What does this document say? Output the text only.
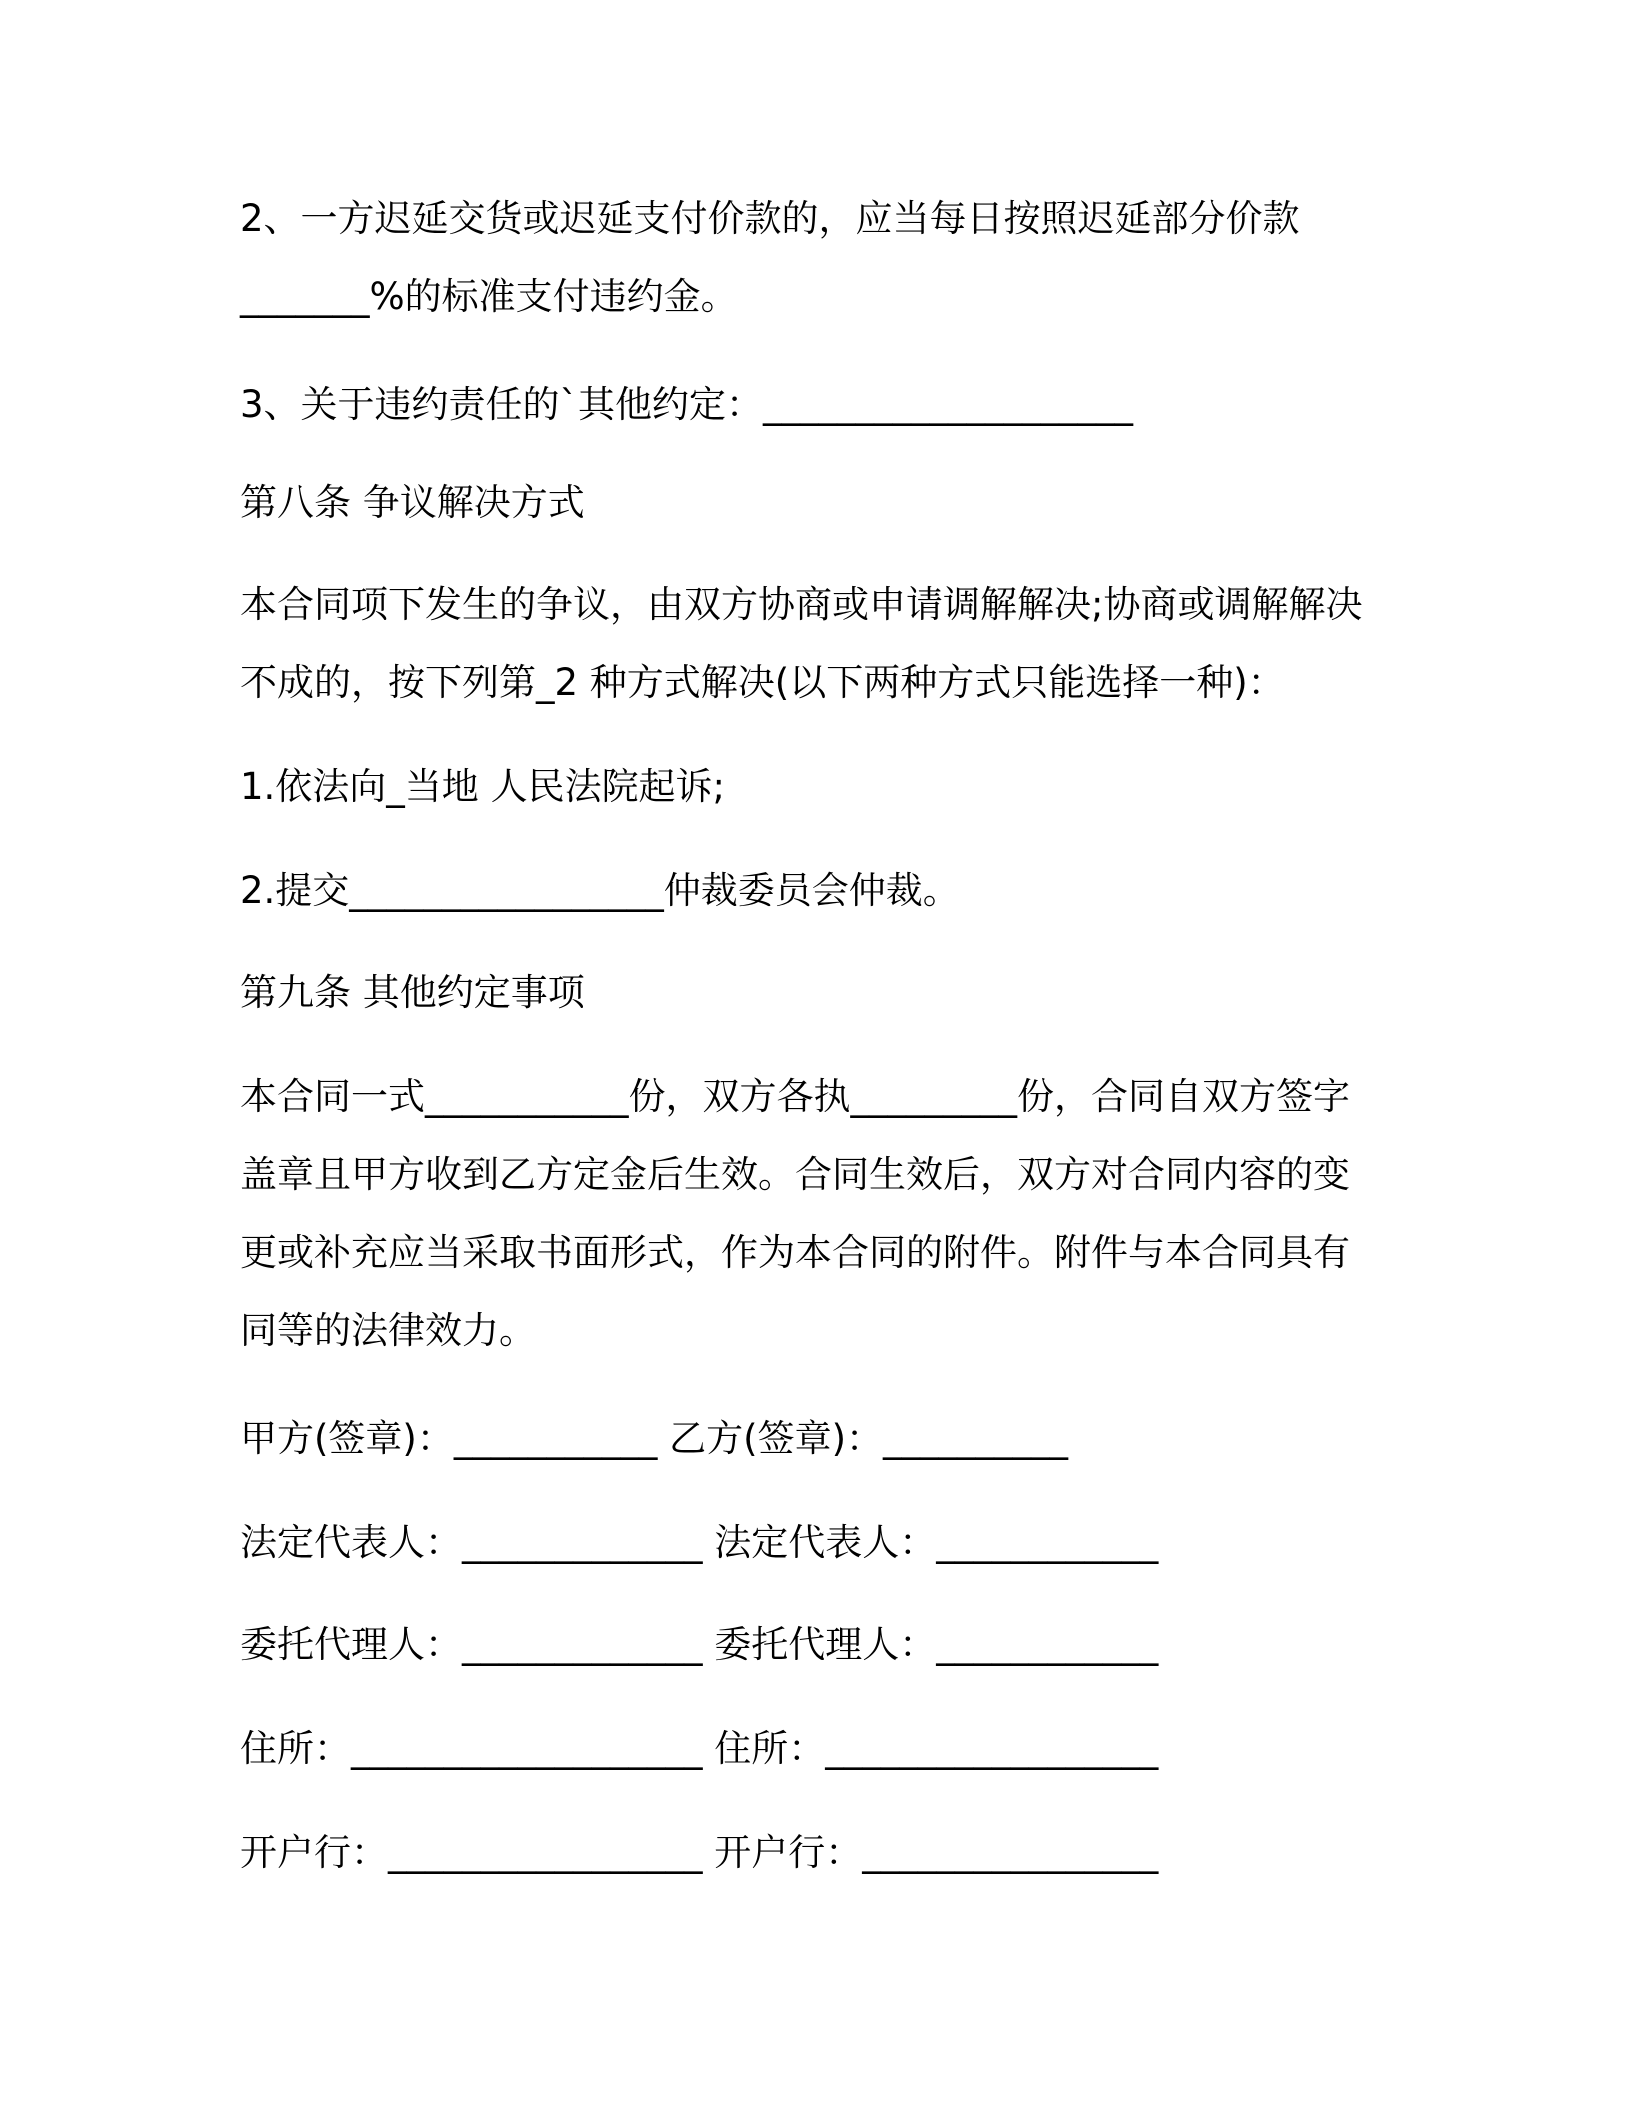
2、一方迟延交货或迟延支付价款的，应当每日按照迟延部分价款
_______%的标准支付违约金。
3、关于违约责任的`其他约定：____________________
第八条 争议解决方式
本合同项下发生的争议，由双方协商或申请调解解决;协商或调解解决
不成的，按下列第_2 种方式解决(以下两种方式只能选择一种)：
1.依法向_当地 人民法院起诉;
2.提交_________________仲裁委员会仲裁。
第九条 其他约定事项
本合同一式___________份，双方各执_________份，合同自双方签字
盖章且甲方收到乙方定金后生效。合同生效后，双方对合同内容的变
更或补充应当采取书面形式，作为本合同的附件。附件与本合同具有
同等的法律效力。
甲方(签章)：___________ 乙方(签章)：__________
法定代表人：_____________ 法定代表人：____________
委托代理人：_____________ 委托代理人：____________
住所：___________________ 住所：__________________
开户行：_________________ 开户行：________________
